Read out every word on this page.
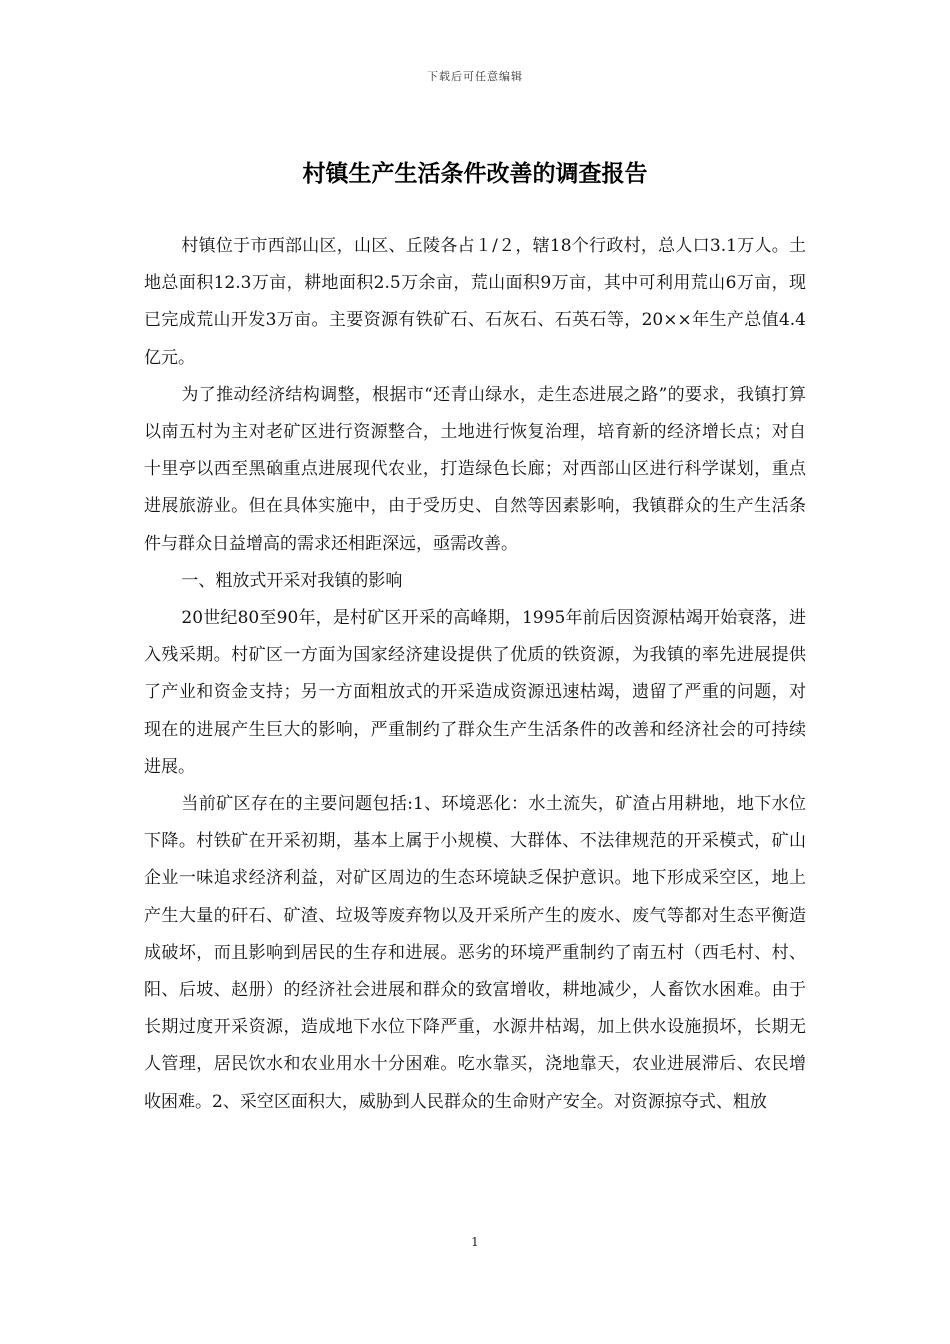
下载后可任意编辑
村镇生产生活条件改善的调查报告

村镇位于市西部山区，山区、丘陵各占１/２，辖18个行政村，总人口3.1万人。土地总面积12.3万亩，耕地面积2.5万余亩，荒山面积9万亩，其中可利用荒山6万亩，现已完成荒山开发3万亩。主要资源有铁矿石、石灰石、石英石等，20××年生产总值4.4亿元。

为了推动经济结构调整，根据市“还青山绿水，走生态进展之路”的要求，我镇打算以南五村为主对老矿区进行资源整合，土地进行恢复治理，培育新的经济增长点；对自十里亭以西至黑硇重点进展现代农业，打造绿色长廊；对西部山区进行科学谋划，重点进展旅游业。但在具体实施中，由于受历史、自然等因素影响，我镇群众的生产生活条件与群众日益增高的需求还相距深远，亟需改善。

一、粗放式开采对我镇的影响

20世纪80至90年，是村矿区开采的高峰期，1995年前后因资源枯竭开始衰落，进入残采期。村矿区一方面为国家经济建设提供了优质的铁资源，为我镇的率先进展提供了产业和资金支持；另一方面粗放式的开采造成资源迅速枯竭，遗留了严重的问题，对现在的进展产生巨大的影响，严重制约了群众生产生活条件的改善和经济社会的可持续进展。

当前矿区存在的主要问题包括:1、环境恶化：水土流失，矿渣占用耕地，地下水位下降。村铁矿在开采初期，基本上属于小规模、大群体、不法律规范的开采模式，矿山企业一味追求经济利益，对矿区周边的生态环境缺乏保护意识。地下形成采空区，地上产生大量的矸石、矿渣、垃圾等废弃物以及开采所产生的废水、废气等都对生态平衡造成破坏，而且影响到居民的生存和进展。恶劣的环境严重制约了南五村（西毛村、村、阳、后坡、赵册）的经济社会进展和群众的致富增收，耕地减少，人畜饮水困难。由于长期过度开采资源，造成地下水位下降严重，水源井枯竭，加上供水设施损坏，长期无人管理，居民饮水和农业用水十分困难。吃水靠买，浇地靠天，农业进展滞后、农民增收困难。2、采空区面积大，威胁到人民群众的生命财产安全。对资源掠夺式、粗放

1
